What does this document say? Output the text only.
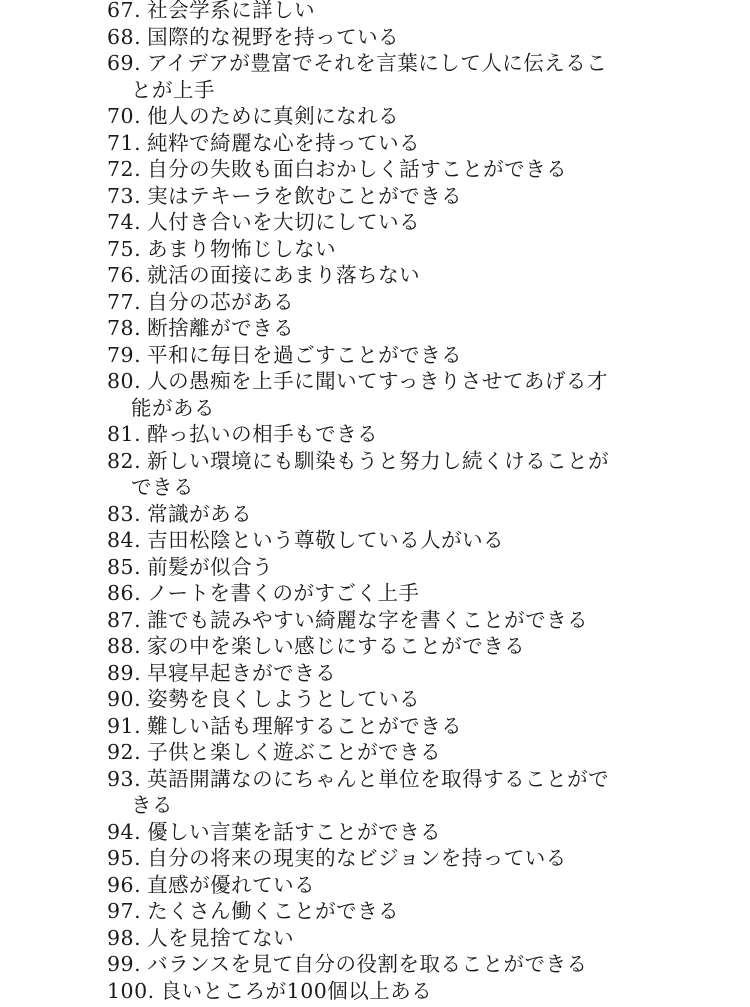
67 . 社会学系に詳しい
68 . 国際的な視野を持っている
69 . アイデアが豊富でそれを言葉にして人に伝えるこ
とが上手
70 . 他人のために真剣になれる
71 . 純粋で綺麗な心を持っている
72 . 自分の失敗も面白おかしく話すことができる
73 . 実はテキーラを飲むことができる
74 . 人付き合いを大切にしている
75 . あまり物怖じしない
76 . 就活の面接にあまり落ちない
77 . 自分の芯がある
78 . 断捨離ができる
79 . 平和に毎日を過ごすことができる
80 . 人の愚痴を上手に聞いてすっきりさせてあげる才
能がある
81 . 酔っ払いの相手もできる
82 . 新しい環境にも馴染もうと努力し続くけることが
できる
83 . 常識がある
84 . 吉田松陰という尊敬している人がいる
85 . 前髪が似合う
86 . ノートを書くのがすごく上手
87 . 誰でも読みやすい綺麗な字を書くことができる
88 . 家の中を楽しい感じにすることができる
89 . 早寝早起きができる
90 . 姿勢を良くしようとしている
91 . 難しい話も理解することができる
92 . 子供と楽しく遊ぶことができる
93 . 英語開講なのにちゃんと単位を取得することがで
きる
94 . 優しい言葉を話すことができる
95 . 自分の将来の現実的なビジョンを持っている
96 . 直感が優れている
97 . たくさん働くことができる
98 . 人を見捨てない
99 . バランスを見て自分の役割を取ることができる
100 . 良いところが100個以上ある
